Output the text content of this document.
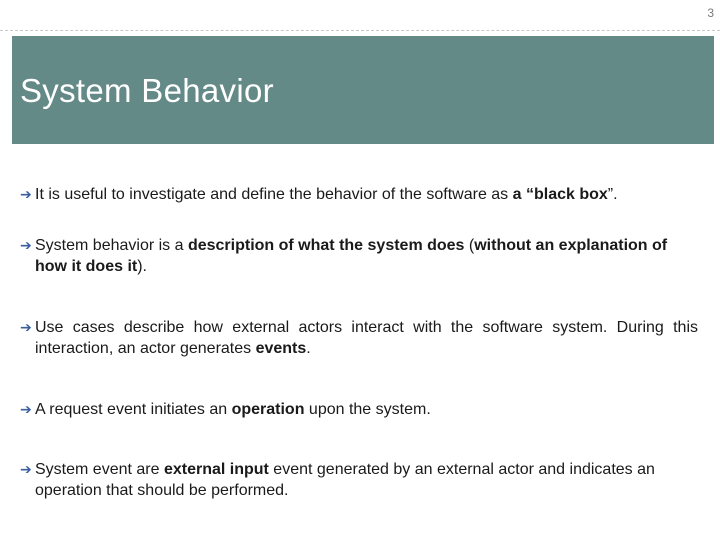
3
System Behavior
➔ It is useful to investigate and define the behavior of the software as a “black box”.
➔ System behavior is a description of what the system does (without an explanation of how it does it).
➔ Use cases describe how external actors interact with the software system. During this interaction, an actor generates events.
➔ A request event initiates an operation upon the system.
➔ System event are external input event generated by an external actor and indicates an operation that should be performed.
